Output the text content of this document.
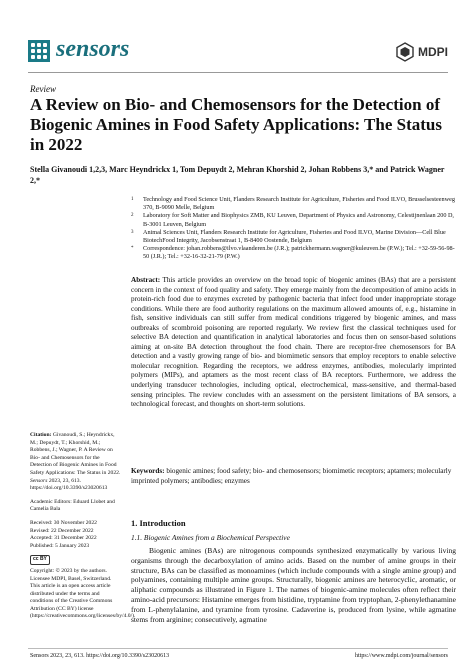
sensors	MDPI
Review
A Review on Bio- and Chemosensors for the Detection of Biogenic Amines in Food Safety Applications: The Status in 2022
Stella Givanoudi 1,2,3, Marc Heyndrickx 1, Tom Depuydt 2, Mehran Khorshid 2, Johan Robbens 3,* and Patrick Wagner 2,*
1	Technology and Food Science Unit, Flanders Research Institute for Agriculture, Fisheries and Food ILVO, Brusselsesteenweg 370, B-9090 Melle, Belgium
2	Laboratory for Soft Matter and Biophysics ZMB, KU Leuven, Department of Physics and Astronomy, Celestijnenlaan 200 D, B-3001 Leuven, Belgium
3	Animal Sciences Unit, Flanders Research Institute for Agriculture, Fisheries and Food ILVO, Marine Division—Cell Blue BiotechFood Integrity, Jacobsenstraat 1, B-8400 Oostende, Belgium
*	Correspondence: johan.robbens@ilvo.vlaanderen.be (J.R.); patrickhermann.wagner@kuleuven.be (P.W.); Tel.: +32-59-56-98-50 (J.R.); Tel.: +32-16-32-21-79 (P.W.)
Abstract: This article provides an overview on the broad topic of biogenic amines (BAs) that are a persistent concern in the context of food quality and safety. They emerge mainly from the decomposition of amino acids in protein-rich food due to enzymes excreted by pathogenic bacteria that infect food under inappropriate storage conditions. While there are food authority regulations on the maximum allowed amounts of, e.g., histamine in fish, sensitive individuals can still suffer from medical conditions triggered by biogenic amines, and mass outbreaks of scombroid poisoning are reported regularly. We review first the classical techniques used for selective BA detection and quantification in analytical laboratories and focus then on sensor-based solutions aiming at on-site BA detection throughout the food chain. There are receptor-free chemosensors for BA detection and a vastly growing range of bio- and biomimetic sensors that employ receptors to enable selective molecular recognition. Regarding the receptors, we address enzymes, antibodies, molecularly imprinted polymers (MIPs), and aptamers as the most recent class of BA receptors. Furthermore, we address the underlying transducer technologies, including optical, electrochemical, mass-sensitive, and thermal-based sensing principles. The review concludes with an assessment on the persistent limitations of BA sensors, a technological forecast, and thoughts on short-term solutions.
Keywords: biogenic amines; food safety; bio- and chemosensors; biomimetic receptors; aptamers; molecularly imprinted polymers; antibodies; enzymes
Citation: Givanoudi, S.; Heyndrickx, M.; Depuydt, T.; Khorshid, M.; Robbens, J.; Wagner, P. A Review on Bio- and Chemosensors for the Detection of Biogenic Amines in Food Safety Applications: The Status in 2022. Sensors 2023, 23, 613. https://doi.org/10.3390/s23020613
Academic Editors: Eduard Llobet and Camelia Bala
Received: 30 November 2022
Revised: 22 December 2022
Accepted: 31 December 2022
Published: 5 January 2023
cc BY
Copyright: © 2023 by the authors. Licensee MDPI, Basel, Switzerland. This article is an open access article distributed under the terms and conditions of the Creative Commons Attribution (CC BY) license (https://creativecommons.org/licenses/by/4.0/).
1. Introduction
1.1. Biogenic Amines from a Biochemical Perspective
Biogenic amines (BAs) are nitrogenous compounds synthesized enzymatically by various living organisms through the decarboxylation of amino acids. Based on the number of amine groups in their structure, BAs can be classified as monoamines (which include compounds with a single amine group) and polyamines, containing multiple amine groups. Structurally, biogenic amines are heterocyclic, aromatic, or aliphatic compounds as illustrated in Figure 1. The names of biogenic-amine molecules often reflect their amino-acid precursors: Histamine emerges from histidine, tryptamine from tryptophan, 2-phenylethanamine from L-phenylalanine, and tyramine from tyrosine. Cadaverine is, produced from lysine, while agmatine stems from arginine; consecutively, agmatine
Sensors 2023, 23, 613. https://doi.org/10.3390/s23020613	https://www.mdpi.com/journal/sensors
